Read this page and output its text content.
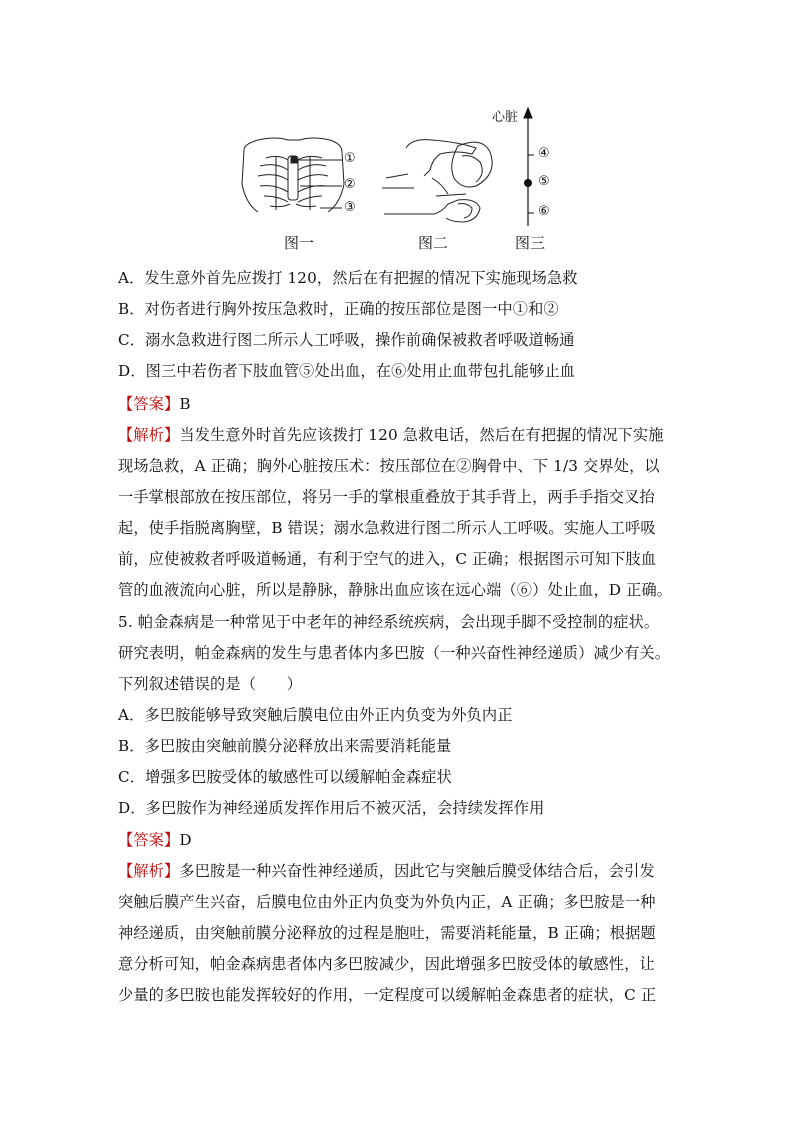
①
②
③
心脏
④
⑤
⑥
图一	图二	图三
A．发生意外首先应拨打 120，然后在有把握的情况下实施现场急救
B．对伤者进行胸外按压急救时，正确的按压部位是图一中①和②
C．溺水急救进行图二所示人工呼吸，操作前确保被救者呼吸道畅通
D．图三中若伤者下肢血管⑤处出血，在⑥处用止血带包扎能够止血
【答案】B
【解析】当发生意外时首先应该拨打 120 急救电话，然后在有把握的情况下实施
现场急救，A 正确；胸外心脏按压术：按压部位在②胸骨中、下 1/3 交界处，以
一手掌根部放在按压部位，将另一手的掌根重叠放于其手背上，两手手指交叉抬
起，使手指脱离胸壁，B 错误；溺水急救进行图二所示人工呼吸。实施人工呼吸
前，应使被救者呼吸道畅通，有利于空气的进入，C 正确；根据图示可知下肢血
管的血液流向心脏，所以是静脉，静脉出血应该在远心端（⑥）处止血，D 正确。
5. 帕金森病是一种常见于中老年的神经系统疾病，会出现手脚不受控制的症状。
研究表明，帕金森病的发生与患者体内多巴胺（一种兴奋性神经递质）减少有关。
下列叙述错误的是（　　）
A．多巴胺能够导致突触后膜电位由外正内负变为外负内正
B．多巴胺由突触前膜分泌释放出来需要消耗能量
C．增强多巴胺受体的敏感性可以缓解帕金森症状
D．多巴胺作为神经递质发挥作用后不被灭活，会持续发挥作用
【答案】D
【解析】多巴胺是一种兴奋性神经递质，因此它与突触后膜受体结合后，会引发
突触后膜产生兴奋，后膜电位由外正内负变为外负内正，A 正确；多巴胺是一种
神经递质，由突触前膜分泌释放的过程是胞吐，需要消耗能量，B 正确；根据题
意分析可知，帕金森病患者体内多巴胺减少，因此增强多巴胺受体的敏感性，让
少量的多巴胺也能发挥较好的作用，一定程度可以缓解帕金森患者的症状，C 正
